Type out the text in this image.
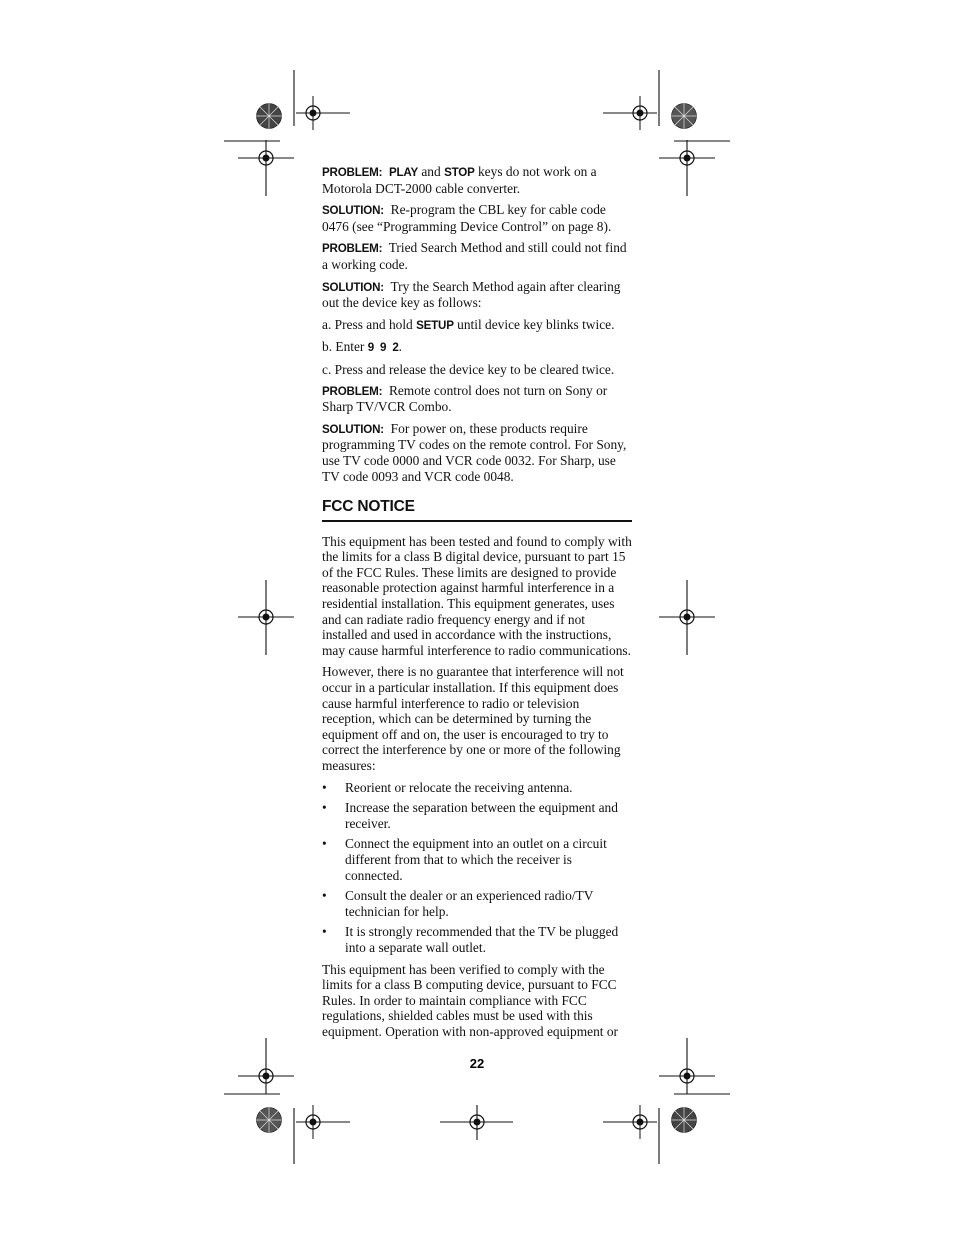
PROBLEM: PLAY and STOP keys do not work on a Motorola DCT-2000 cable converter.

SOLUTION: Re-program the CBL key for cable code 0476 (see “Programming Device Control” on page 8).

PROBLEM: Tried Search Method and still could not find a working code.

SOLUTION: Try the Search Method again after clearing out the device key as follows:

a. Press and hold SETUP until device key blinks twice.

b. Enter 9  9  2.

c. Press and release the device key to be cleared twice.

PROBLEM: Remote control does not turn on Sony or Sharp TV/VCR Combo.

SOLUTION: For power on, these products require programming TV codes on the remote control. For Sony, use TV code 0000 and VCR code 0032. For Sharp, use TV code 0093 and VCR code 0048.

FCC NOTICE

This equipment has been tested and found to comply with the limits for a class B digital device, pursuant to part 15 of the FCC Rules. These limits are designed to provide reasonable protection against harmful interference in a residential installation. This equipment generates, uses and can radiate radio frequency energy and if not installed and used in accordance with the instructions, may cause harmful interference to radio communications.

However, there is no guarantee that interference will not occur in a particular installation. If this equipment does cause harmful interference to radio or television reception, which can be determined by turning the equipment off and on, the user is encouraged to try to correct the interference by one or more of the following measures:

• Reorient or relocate the receiving antenna.
• Increase the separation between the equipment and receiver.
• Connect the equipment into an outlet on a circuit different from that to which the receiver is connected.
• Consult the dealer or an experienced radio/TV technician for help.
• It is strongly recommended that the TV be plugged into a separate wall outlet.

This equipment has been verified to comply with the limits for a class B computing device, pursuant to FCC Rules. In order to maintain compliance with FCC regulations, shielded cables must be used with this equipment. Operation with non-approved equipment or

22
